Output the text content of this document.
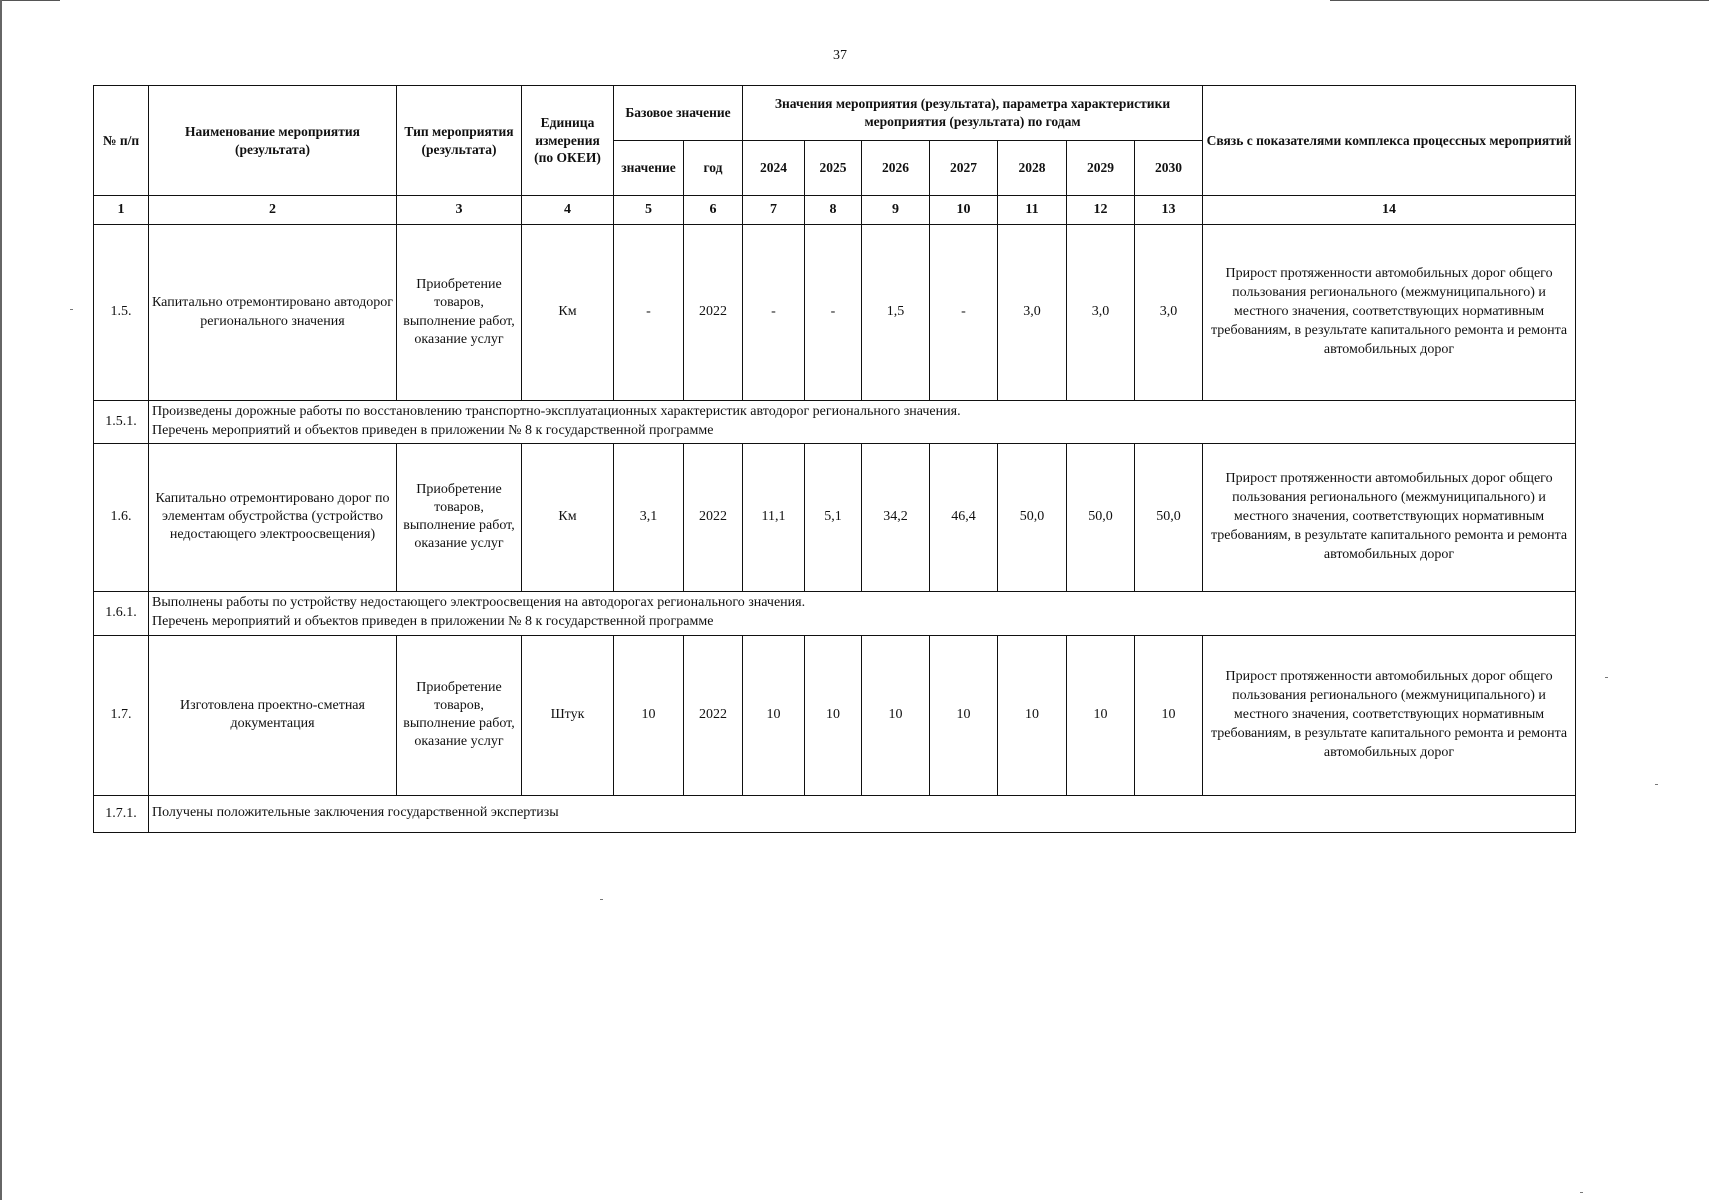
37
№ п/п	Наименование мероприятия (результата)	Тип мероприятия (результата)	Единица измерения (по ОКЕИ)	Базовое значение		Значения мероприятия (результата), параметра характеристики мероприятия (результата) по годам							Связь с показателями комплекса процессных мероприятий
				значение	год	2024	2025	2026	2027	2028	2029	2030	
1	2	3	4	5	6	7	8	9	10	11	12	13	14
1.5.	Капитально отремонтировано автодорог регионального значения	Приобретение товаров, выполнение работ, оказание услуг	Км	-	2022	-	-	1,5	-	3,0	3,0	3,0	Прирост протяженности автомобильных дорог общего пользования регионального (межмуниципального) и местного значения, соответствующих нормативным требованиям, в результате капитального ремонта и ремонта автомобильных дорог
1.5.1.	Произведены дорожные работы по восстановлению транспортно-эксплуатационных характеристик автодорог регионального значения.
Перечень мероприятий и объектов приведен в приложении № 8 к государственной программе												

1.6.	Капитально отремонтировано дорог по элементам обустройства (устройство недостающего электроосвещения)	Приобретение товаров, выполнение работ, оказание услуг	Км	3,1	2022	11,1	5,1	34,2	46,4	50,0	50,0	50,0	Прирост протяженности автомобильных дорог общего пользования регионального (межмуниципального) и местного значения, соответствующих нормативным требованиям, в результате капитального ремонта и ремонта автомобильных дорог
1.6.1.	Выполнены работы по устройству недостающего электроосвещения на автодорогах регионального значения.
Перечень мероприятий и объектов приведен в приложении № 8 к государственной программе												

1.7.	Изготовлена проектно-сметная документация	Приобретение товаров, выполнение работ, оказание услуг	Штук	10	2022	10	10	10	10	10	10	10	Прирост протяженности автомобильных дорог общего пользования регионального (межмуниципального) и местного значения, соответствующих нормативным требованиям, в результате капитального ремонта и ремонта автомобильных дорог
1.7.1.	Получены положительные заключения государственной экспертизы												
